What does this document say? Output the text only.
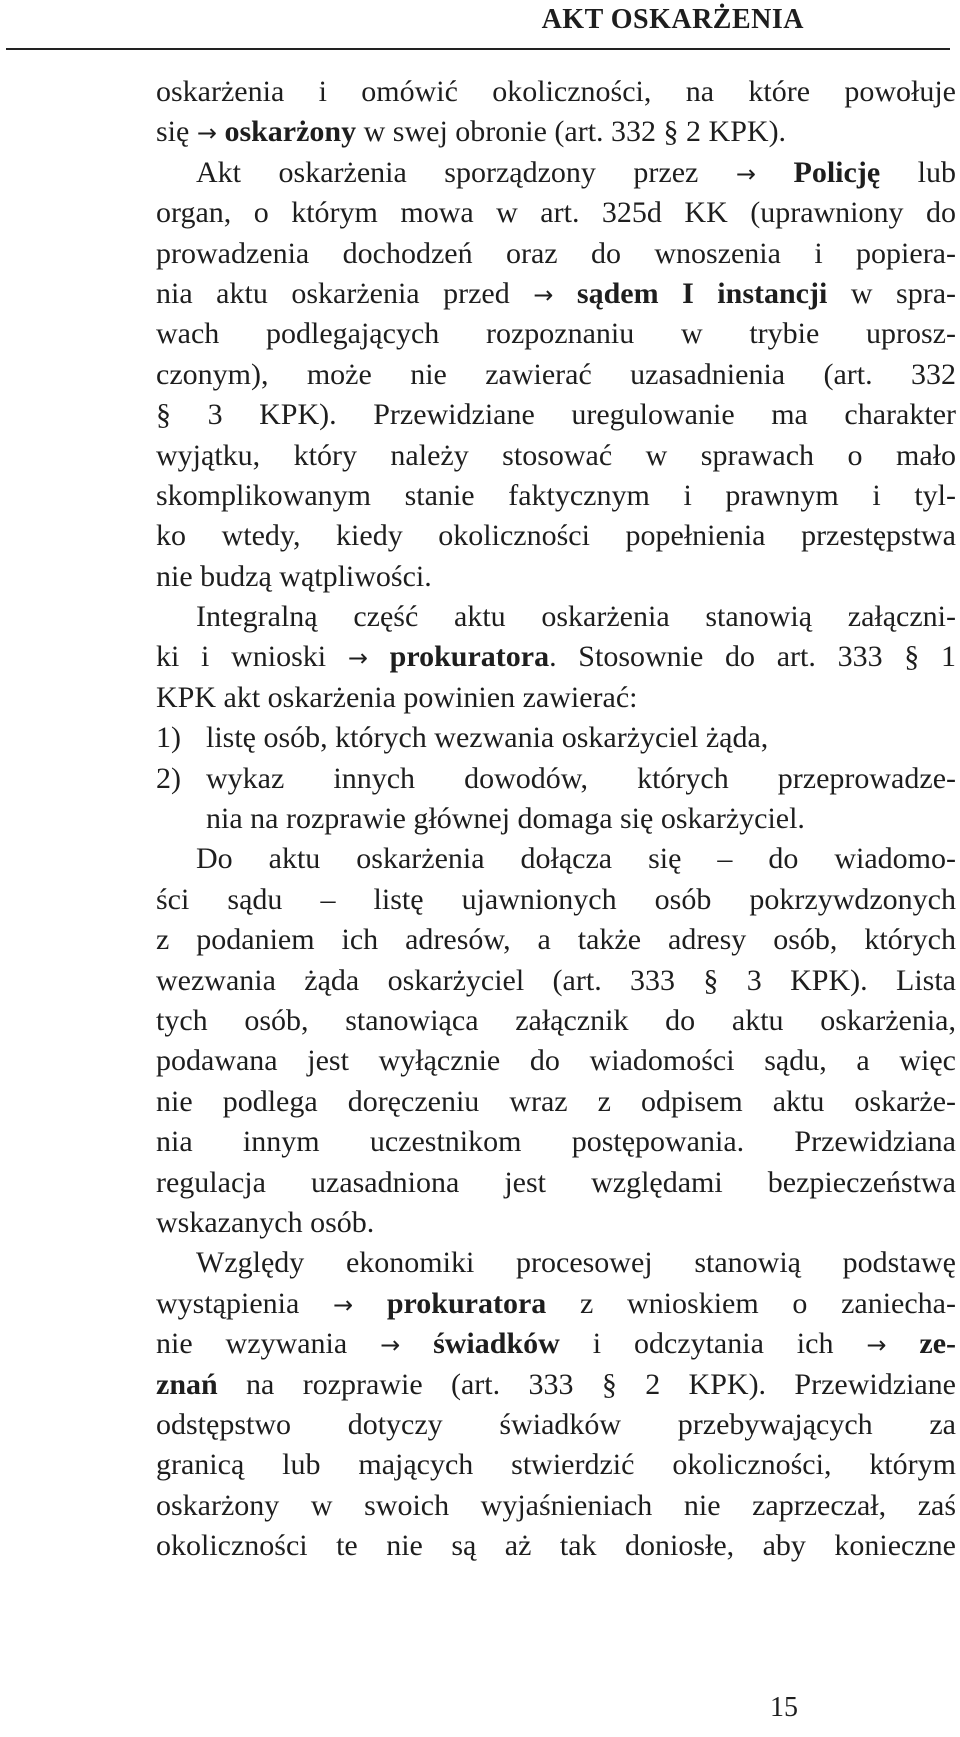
AKT OSKARŻENIA
oskarżenia i omówić okoliczności, na które powołuje
się → oskarżony w swej obronie (art. 332 § 2 KPK).
Akt oskarżenia sporządzony przez → Policję lub
organ, o którym mowa w art. 325d KK (uprawniony do
prowadzenia dochodzeń oraz do wnoszenia i popiera-
nia aktu oskarżenia przed → sądem I instancji w spra-
wach podlegających rozpoznaniu w trybie uprosz-
czonym), może nie zawierać uzasadnienia (art. 332
§ 3 KPK). Przewidziane uregulowanie ma charakter
wyjątku, który należy stosować w sprawach o mało
skomplikowanym stanie faktycznym i prawnym i tyl-
ko wtedy, kiedy okoliczności popełnienia przestępstwa
nie budzą wątpliwości.
Integralną część aktu oskarżenia stanowią załączni-
ki i wnioski → prokuratora. Stosownie do art. 333 § 1
KPK akt oskarżenia powinien zawierać:
1) listę osób, których wezwania oskarżyciel żąda,
2) wykaz innych dowodów, których przeprowadze-
nia na rozprawie głównej domaga się oskarżyciel.
Do aktu oskarżenia dołącza się – do wiadomo-
ści sądu – listę ujawnionych osób pokrzywdzonych
z podaniem ich adresów, a także adresy osób, których
wezwania żąda oskarżyciel (art. 333 § 3 KPK). Lista
tych osób, stanowiąca załącznik do aktu oskarżenia,
podawana jest wyłącznie do wiadomości sądu, a więc
nie podlega doręczeniu wraz z odpisem aktu oskarże-
nia innym uczestnikom postępowania. Przewidziana
regulacja uzasadniona jest względami bezpieczeństwa
wskazanych osób.
Względy ekonomiki procesowej stanowią podstawę
wystąpienia → prokuratora z wnioskiem o zaniecha-
nie wzywania → świadków i odczytania ich → ze-
znań na rozprawie (art. 333 § 2 KPK). Przewidziane
odstępstwo dotyczy świadków przebywających za
granicą lub mających stwierdzić okoliczności, którym
oskarżony w swoich wyjaśnieniach nie zaprzeczał, zaś
okoliczności te nie są aż tak doniosłe, aby konieczne
15
